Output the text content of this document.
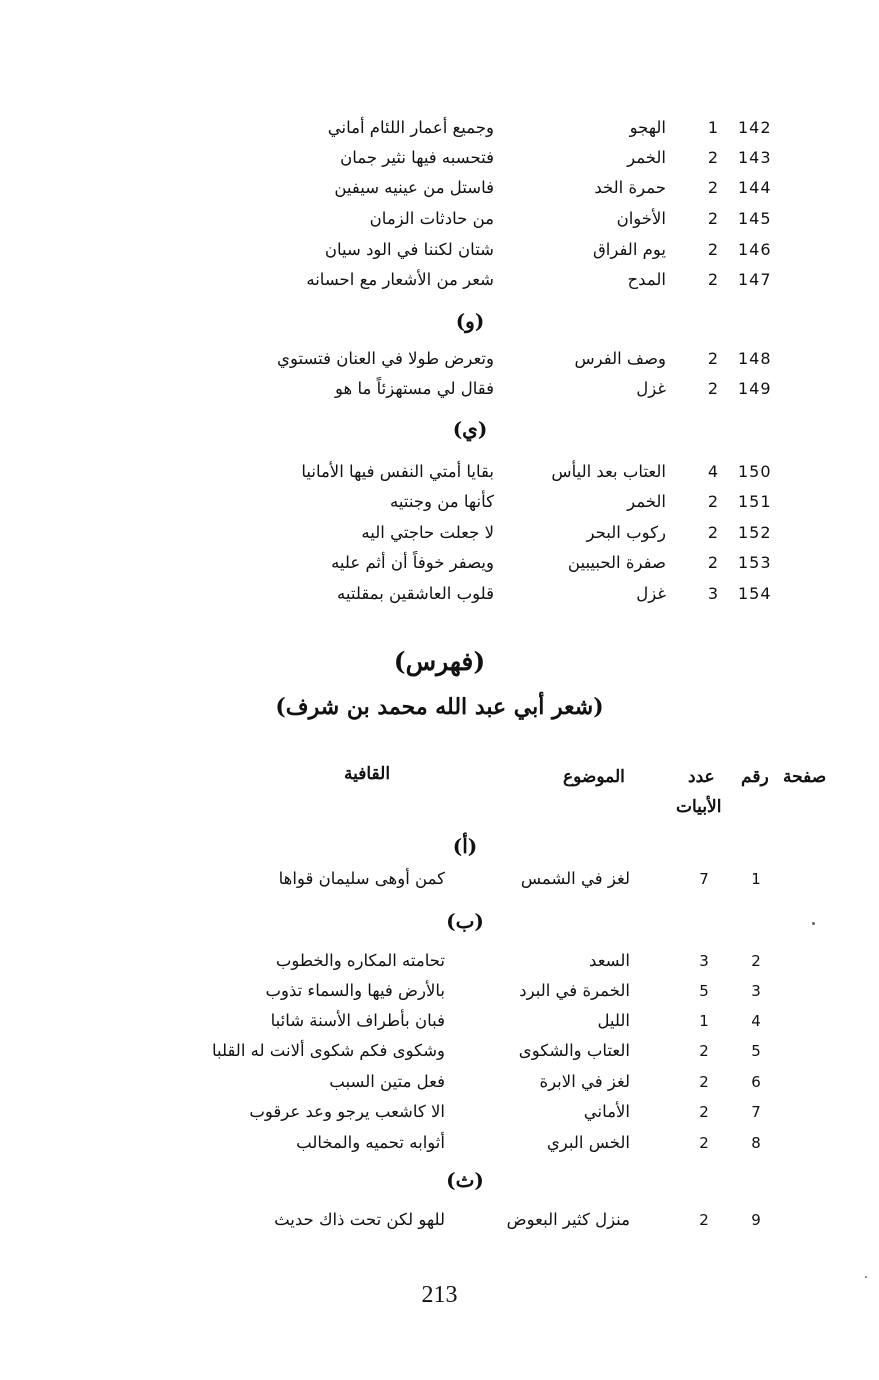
142
1
الهجو
وجميع أعمار اللئام أماني
143
2
الخمر
فتحسبه فيها نثير جمان
144
2
حمرة الخد
فاستل من عينيه سيفين
145
2
الأخوان
من حادثات الزمان
146
2
يوم الفراق
شتان لكننا في الود سيان
147
2
المدح
شعر من الأشعار مع احسانه
(و)
148
2
وصف الفرس
وتعرض طولا في العنان فتستوي
149
2
غزل
فقال لي مستهزئاً ما هو
(ي)
150
4
العتاب بعد اليأس
بقايا أمتي النفس فيها الأمانيا
151
2
الخمر
كأنها من وجنتيه
152
2
ركوب البحر
لا جعلت حاجتي اليه
153
2
صفرة الحبيبين
ويصفر خوفاً أن أثم عليه
154
3
غزل
قلوب العاشقين بمقلتيه
(فهرس)
(شعر أبي عبد الله محمد بن شرف)
صفحة
رقم
عدد
الأبيات
الموضوع
القافية
(أ)
1
7
لغز في الشمس
كمن أوهى سليمان قواها
(ب)
2
3
السعد
تحامته المكاره والخطوب
3
5
الخمرة في البرد
بالأرض فيها والسماء تذوب
4
1
الليل
فبان بأطراف الأسنة شائبا
5
2
العتاب والشكوى
وشكوى فكم شكوى ألانت له القلبا
6
2
لغز في الابرة
فعل متين السبب
7
2
الأماني
الا كاشعب يرجو وعد عرقوب
8
2
الخس البري
أثوابه تحميه والمخالب
(ث)
9
2
منزل كثير البعوض
للهو لكن تحت ذاك حديث
213
